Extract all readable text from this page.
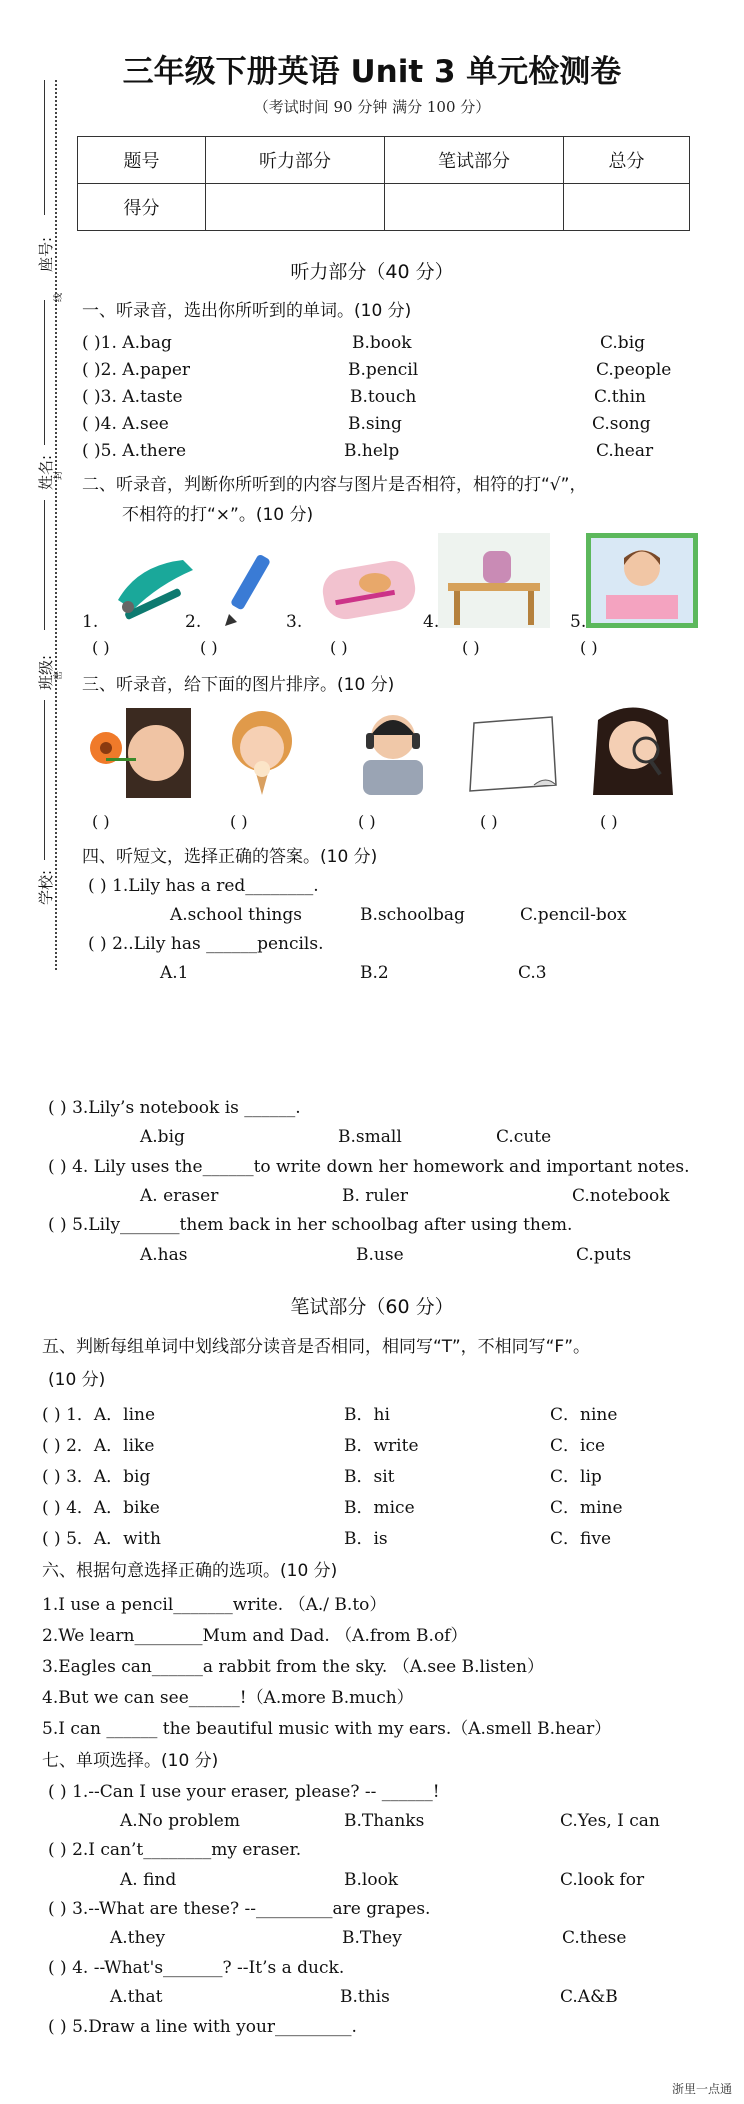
座号:
线
姓名: 封
班级: 密
学校:
三年级下册英语 Unit 3 单元检测卷
（考试时间 90 分钟 满分 100 分）
题号	听力部分	笔试部分	总分
得分			
听力部分（40 分）
一、听录音，选出你所听到的单词。(10 分)
( )1. A.bag	B.book	C.big
( )2. A.paper	B.pencil	C.people
( )3. A.taste	B.touch	C.thin
( )4. A.see	B.sing	C.song
( )5. A.there	B.help	C.hear
二、听录音，判断你所听到的内容与图片是否相符，相符的打“√”，
不相符的打“×”。(10 分)
1.	2.	3.	4.	5.
( )	( )	( )	( )	( )
三、听录音，给下面的图片排序。(10 分)
( )	( )	( )	( )	( )
四、听短文，选择正确的答案。(10 分)
( ) 1.Lily has a red________.
A.school things	B.schoolbag	C.pencil-box
( ) 2..Lily has ______pencils.
A.1	B.2	C.3
( ) 3.Lily’s notebook is ______.
A.big	B.small	C.cute
( ) 4. Lily uses the______to write down her homework and important notes.
A. eraser	B. ruler	C.notebook
( ) 5.Lily_______them back in her schoolbag after using them.
A.has	B.use	C.puts
笔试部分（60 分）
五、判断每组单词中划线部分读音是否相同，相同写“T”，不相同写“F”。
(10 分)
( ) 1．A．line	B．hi	C．nine
( ) 2．A．like	B．write	C．ice
( ) 3．A．big	B．sit	C．lip
( ) 4．A．bike	B．mice	C．mine
( ) 5．A．with	B．is	C．five
六、根据句意选择正确的选项。(10 分)
1.I use a pencil_______write. （A./ B.to）
2.We learn________Mum and Dad. （A.from B.of）
3.Eagles can______a rabbit from the sky. （A.see B.listen）
4.But we can see______!（A.more B.much）
5.I can ______ the beautiful music with my ears.（A.smell B.hear）
七、单项选择。(10 分)
( ) 1.--Can I use your eraser, please? -- ______!
A.No problem	B.Thanks	C.Yes, I can
( ) 2.I can’t________my eraser.
A. find	B.look	C.look for
( ) 3.--What are these? --_________are grapes.
A.they	B.They	C.these
( ) 4. --What's_______? --It’s a duck.
A.that	B.this	C.A&B
( ) 5.Draw a line with your_________.
浙里一点通
